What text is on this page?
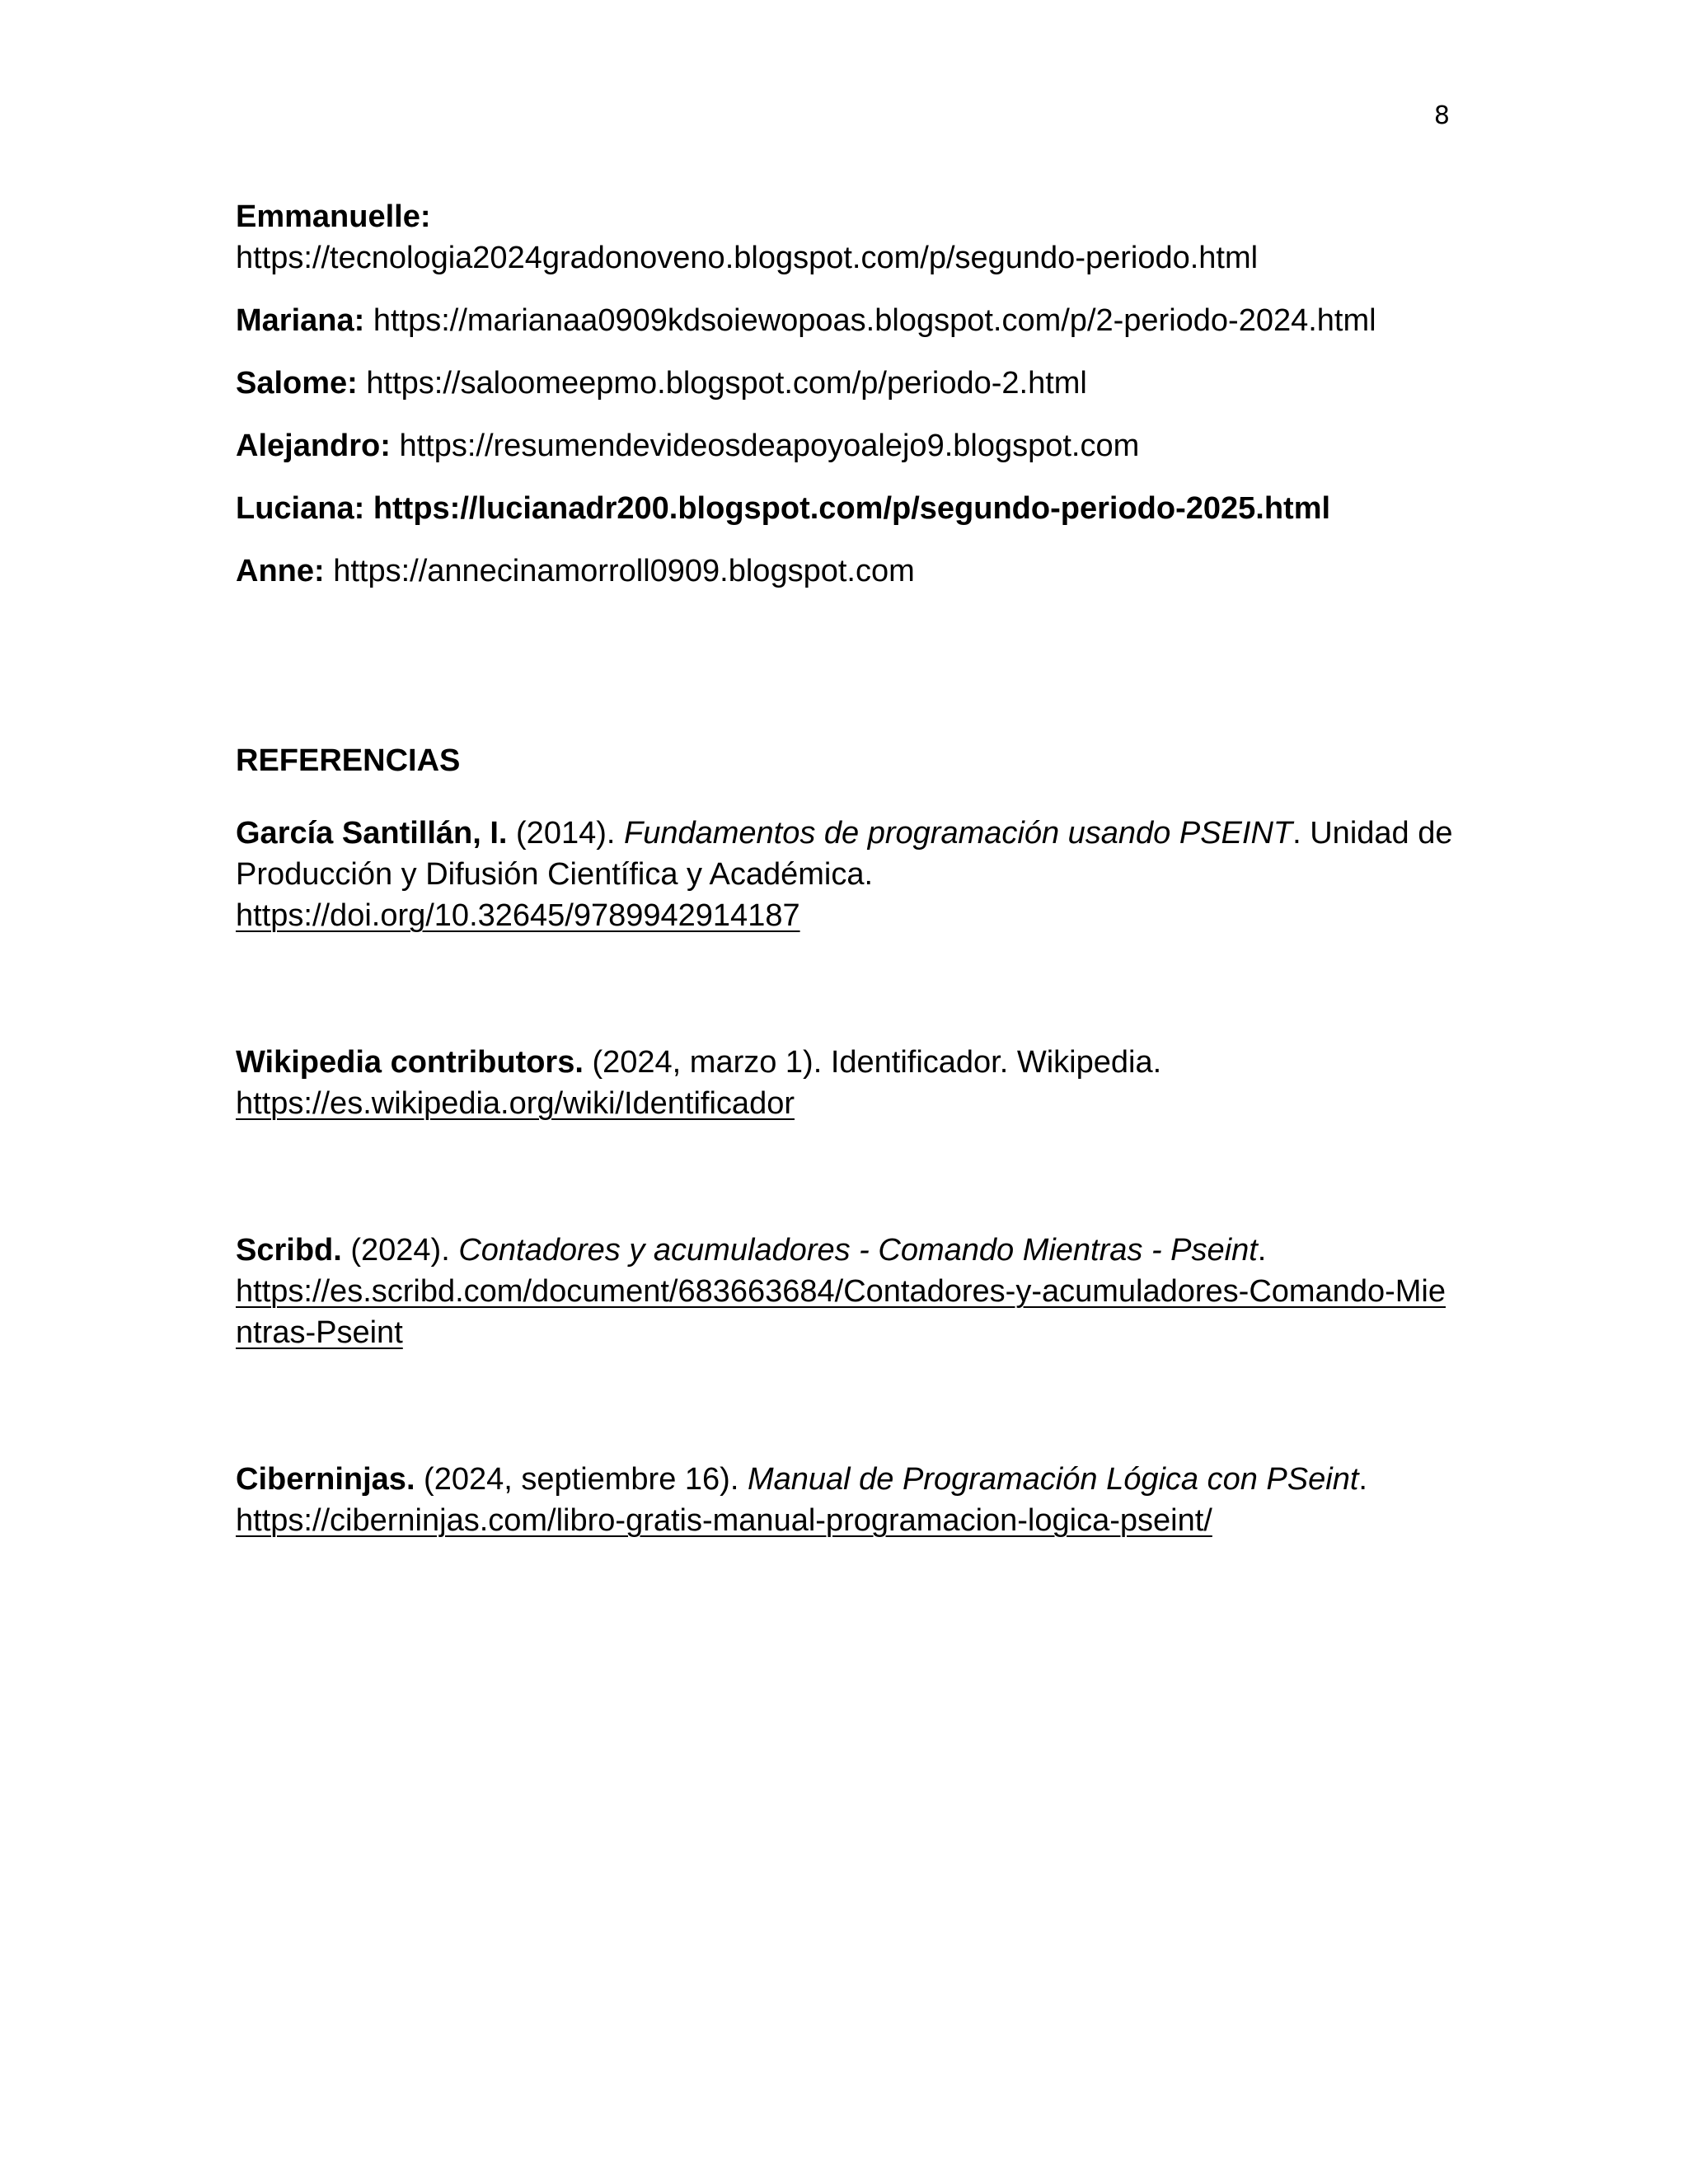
8

Emmanuelle:
https://tecnologia2024gradonoveno.blogspot.com/p/segundo-periodo.html

Mariana: https://marianaa0909kdsoiewopoas.blogspot.com/p/2-periodo-2024.html

Salome: https://saloomeepmo.blogspot.com/p/periodo-2.html

Alejandro: https://resumendevideosdeapoyoalejo9.blogspot.com

Luciana: https://lucianadr200.blogspot.com/p/segundo-periodo-2025.html

Anne: https://annecinamorroll0909.blogspot.com

REFERENCIAS

García Santillán, I. (2014). Fundamentos de programación usando PSEINT. Unidad de Producción y Difusión Científica y Académica.
https://doi.org/10.32645/9789942914187

Wikipedia contributors. (2024, marzo 1). Identificador. Wikipedia.
https://es.wikipedia.org/wiki/Identificador

Scribd. (2024). Contadores y acumuladores - Comando Mientras - Pseint.
https://es.scribd.com/document/683663684/Contadores-y-acumuladores-Comando-Mientras-Pseint

Ciberninjas. (2024, septiembre 16). Manual de Programación Lógica con PSeint.
https://ciberninjas.com/libro-gratis-manual-programacion-logica-pseint/
